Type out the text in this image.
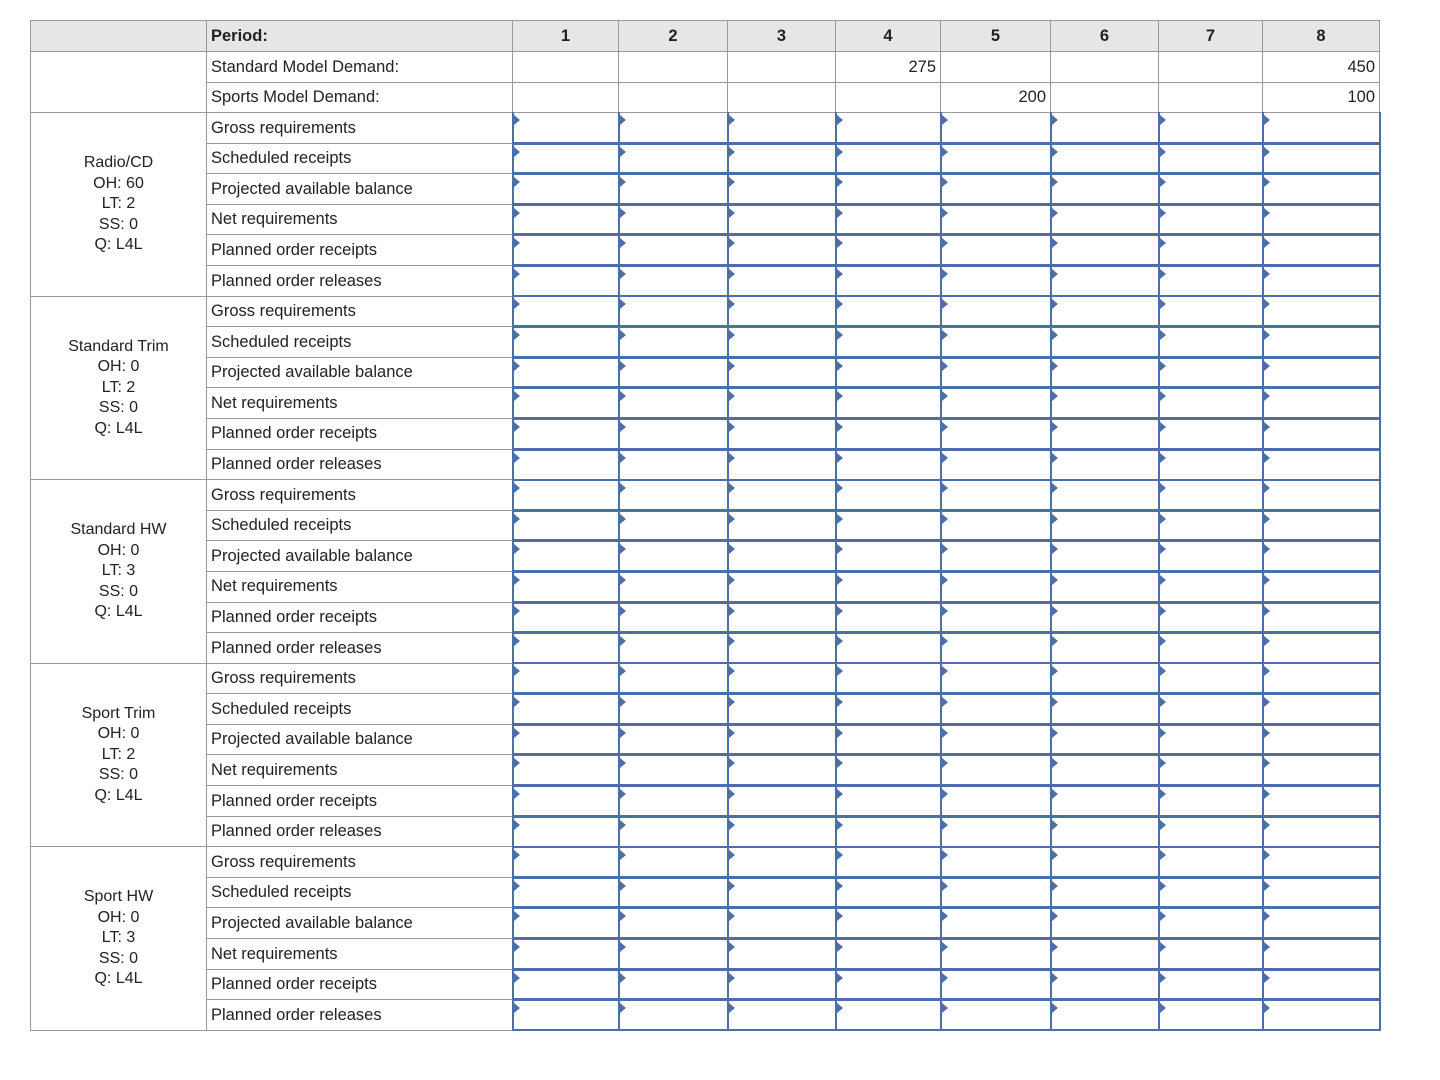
	Period:	1	2	3	4	5	6	7	8
	Standard Model Demand:				275				450
	Sports Model Demand:					200			100

Radio/CD
OH: 60
LT: 2
SS: 0
Q: L4L	Gross requirements								
	Scheduled receipts								
	Projected available balance								
	Net requirements								
	Planned order receipts								
	Planned order releases								

Standard Trim
OH: 0
LT: 2
SS: 0
Q: L4L	Gross requirements								
	Scheduled receipts								
	Projected available balance								
	Net requirements								
	Planned order receipts								
	Planned order releases								

Standard HW
OH: 0
LT: 3
SS: 0
Q: L4L	Gross requirements								
	Scheduled receipts								
	Projected available balance								
	Net requirements								
	Planned order receipts								
	Planned order releases								

Sport Trim
OH: 0
LT: 2
SS: 0
Q: L4L	Gross requirements								
	Scheduled receipts								
	Projected available balance								
	Net requirements								
	Planned order receipts								
	Planned order releases								

Sport HW
OH: 0
LT: 3
SS: 0
Q: L4L	Gross requirements								
	Scheduled receipts								
	Projected available balance								
	Net requirements								
	Planned order receipts								
	Planned order releases								
